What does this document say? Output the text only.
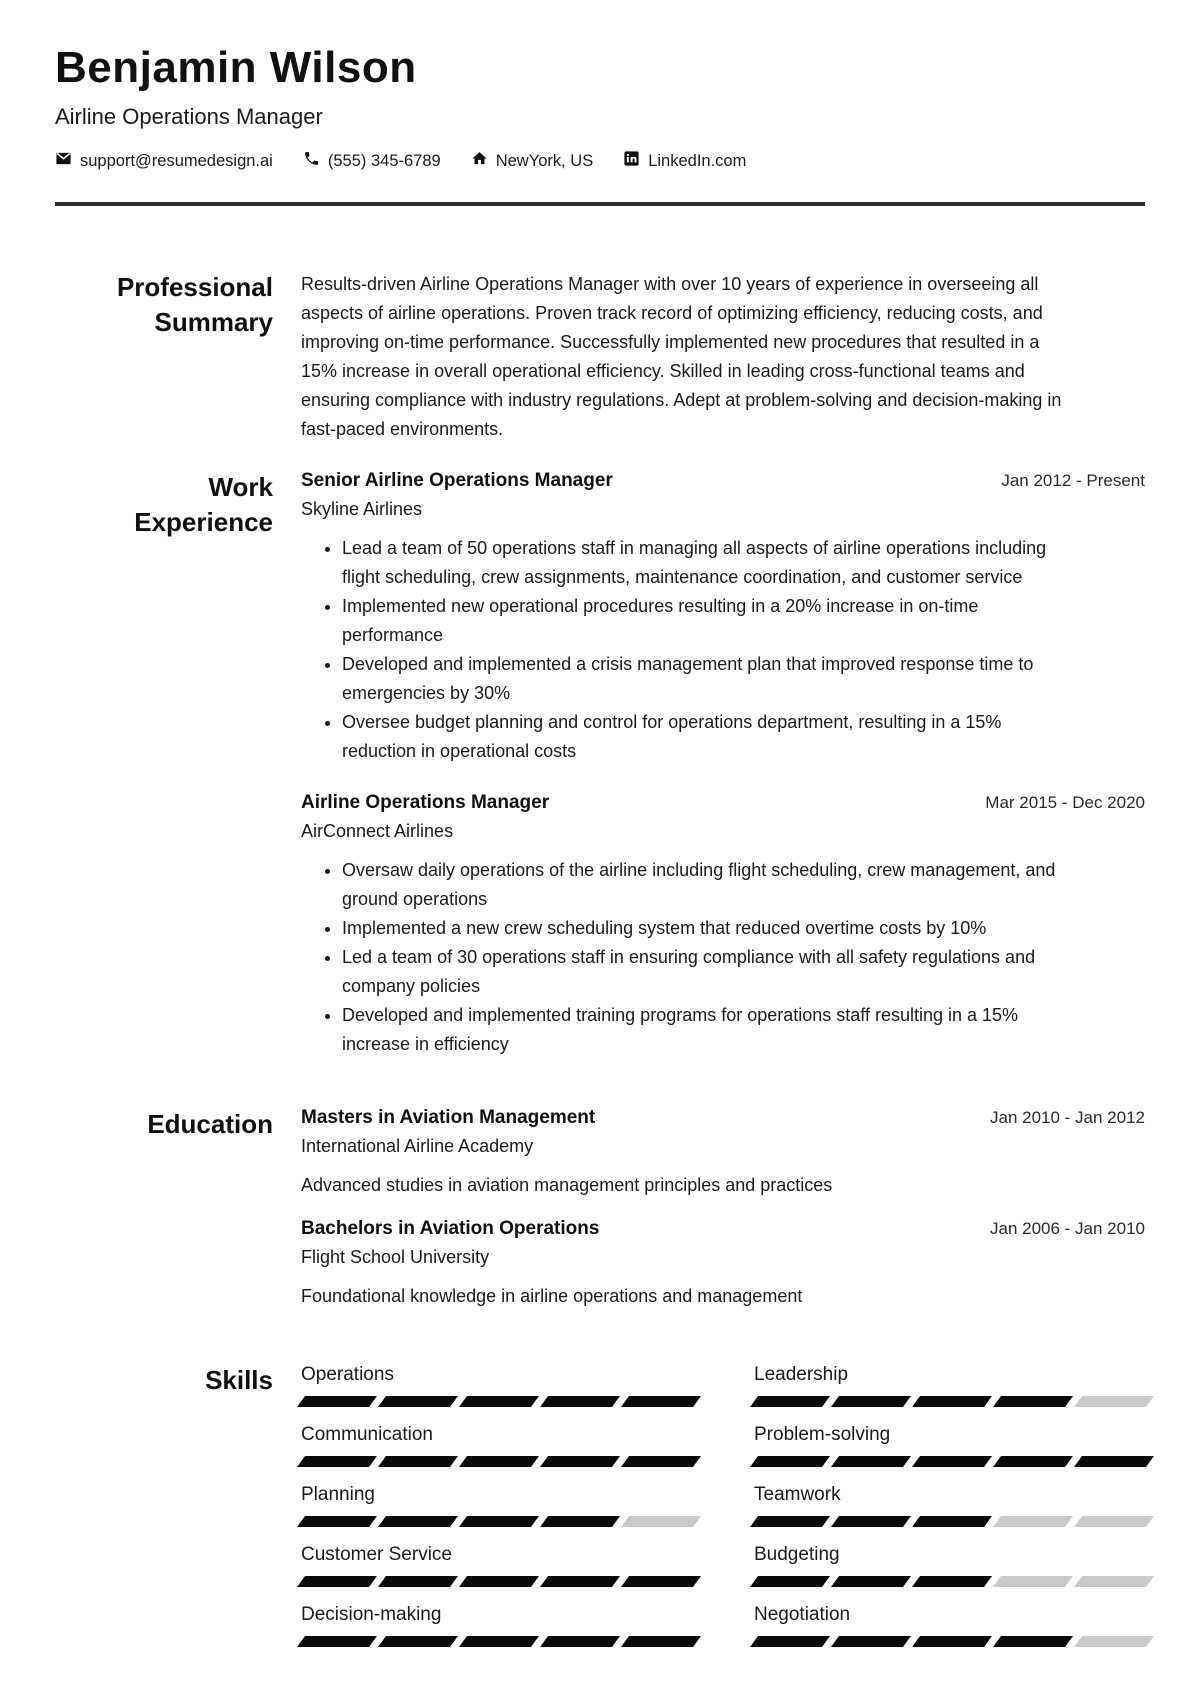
Benjamin Wilson
Airline Operations Manager
support@resumedesign.ai	(555) 345-6789	NewYork, US	LinkedIn.com
Professional
Summary

Results-driven Airline Operations Manager with over 10 years of experience in overseeing all aspects of airline operations. Proven track record of optimizing efficiency, reducing costs, and improving on-time performance. Successfully implemented new procedures that resulted in a 15% increase in overall operational efficiency. Skilled in leading cross-functional teams and ensuring compliance with industry regulations. Adept at problem-solving and decision-making in fast-paced environments.

Work
Experience
Senior Airline Operations Manager	Jan 2012 - Present
Skyline Airlines
• Lead a team of 50 operations staff in managing all aspects of airline operations including flight scheduling, crew assignments, maintenance coordination, and customer service
• Implemented new operational procedures resulting in a 20% increase in on-time performance
• Developed and implemented a crisis management plan that improved response time to emergencies by 30%
• Oversee budget planning and control for operations department, resulting in a 15% reduction in operational costs
Airline Operations Manager	Mar 2015 - Dec 2020
AirConnect Airlines
• Oversaw daily operations of the airline including flight scheduling, crew management, and ground operations
• Implemented a new crew scheduling system that reduced overtime costs by 10%
• Led a team of 30 operations staff in ensuring compliance with all safety regulations and company policies
• Developed and implemented training programs for operations staff resulting in a 15% increase in efficiency
Education Masters in Aviation Management	Jan 2010 - Jan 2012
International Airline Academy
Advanced studies in aviation management principles and practices
Bachelors in Aviation Operations	Jan 2006 - Jan 2010
Flight School University
Foundational knowledge in airline operations and management
Skills Operations	Leadership
Communication	Problem-solving
Planning	Teamwork
Customer Service	Budgeting
Decision-making	Negotiation
